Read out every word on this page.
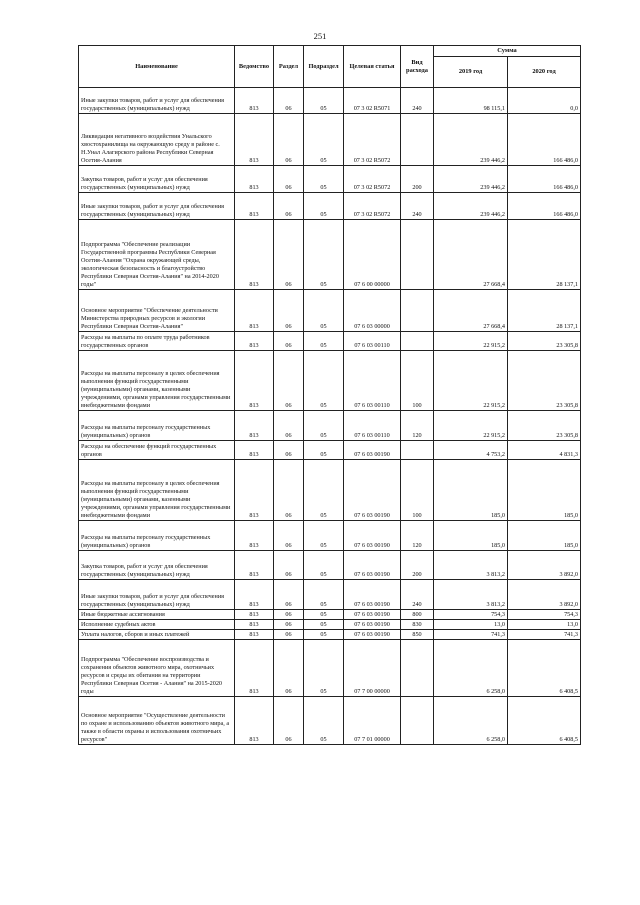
251
Наименование	Ведомство	Раздел	Подраздел	Целевая статья	Вид расхода	Сумма	
						2019 год	2020 год
Иные закупки товаров, работ и услуг для обеспечения государственных (муниципальных) нужд	813	06	05	07 3 02 R5071	240	98 115,1	0,0
Ликвидация негативного воздействия Унальского хвостохранилища на окружающую среду в районе с. Н.Унал Алагирского района Республики Северная Осетия-Алания	813	06	05	07 3 02 R5072		239 446,2	166 486,0
Закупка товаров, работ и услуг для обеспечения государственных (муниципальных) нужд	813	06	05	07 3 02 R5072	200	239 446,2	166 486,0
Иные закупки товаров, работ и услуг для обеспечения государственных (муниципальных) нужд	813	06	05	07 3 02 R5072	240	239 446,2	166 486,0
Подпрограмма "Обеспечение реализации Государственной программы Республики Северная Осетия-Алания "Охрана окружающей среды, экологическая безопасность и благоустройство Республики Северная Осетия-Алания" на 2014-2020 годы"	813	06	05	07 6 00 00000		27 668,4	28 137,1
Основное мероприятие "Обеспечение деятельности Министерства природных ресурсов и экологии Республики Северная Осетия-Алания"	813	06	05	07 6 03 00000		27 668,4	28 137,1
Расходы на выплаты по оплате труда работников государственных органов	813	06	05	07 6 03 00110		22 915,2	23 305,8
Расходы на выплаты персоналу в целях обеспечения выполнения функций государственными (муниципальными) органами, казенными учреждениями, органами управления государственными внебюджетными фондами	813	06	05	07 6 03 00110	100	22 915,2	23 305,8
Расходы на выплаты персоналу государственных (муниципальных) органов	813	06	05	07 6 03 00110	120	22 915,2	23 305,8
Расходы на обеспечение функций государственных органов	813	06	05	07 6 03 00190		4 753,2	4 831,3
Расходы на выплаты персоналу в целях обеспечения выполнения функций государственными (муниципальными) органами, казенными учреждениями, органами управления государственными внебюджетными фондами	813	06	05	07 6 03 00190	100	185,0	185,0
Расходы на выплаты персоналу государственных (муниципальных) органов	813	06	05	07 6 03 00190	120	185,0	185,0
Закупка товаров, работ и услуг для обеспечения государственных (муниципальных) нужд	813	06	05	07 6 03 00190	200	3 813,2	3 892,0
Иные закупки товаров, работ и услуг для обеспечения государственных (муниципальных) нужд	813	06	05	07 6 03 00190	240	3 813,2	3 892,0
Иные бюджетные ассигнования	813	06	05	07 6 03 00190	800	754,3	754,3
Исполнение судебных актов	813	06	05	07 6 03 00190	830	13,0	13,0
Уплата налогов, сборов и иных платежей	813	06	05	07 6 03 00190	850	741,3	741,3
Подпрограмма "Обеспечение воспроизводства и сохранения объектов животного мира, охотничьих ресурсов и среды их обитания на территории Республики Северная Осетия - Алания" на 2015-2020 годы	813	06	05	07 7 00 00000		6 258,0	6 408,5
Основное мероприятие "Осуществление деятельности по охране и использованию объектов животного мира, а также в области охраны и использования охотничьих ресурсов"	813	06	05	07 7 01 00000		6 258,0	6 408,5
